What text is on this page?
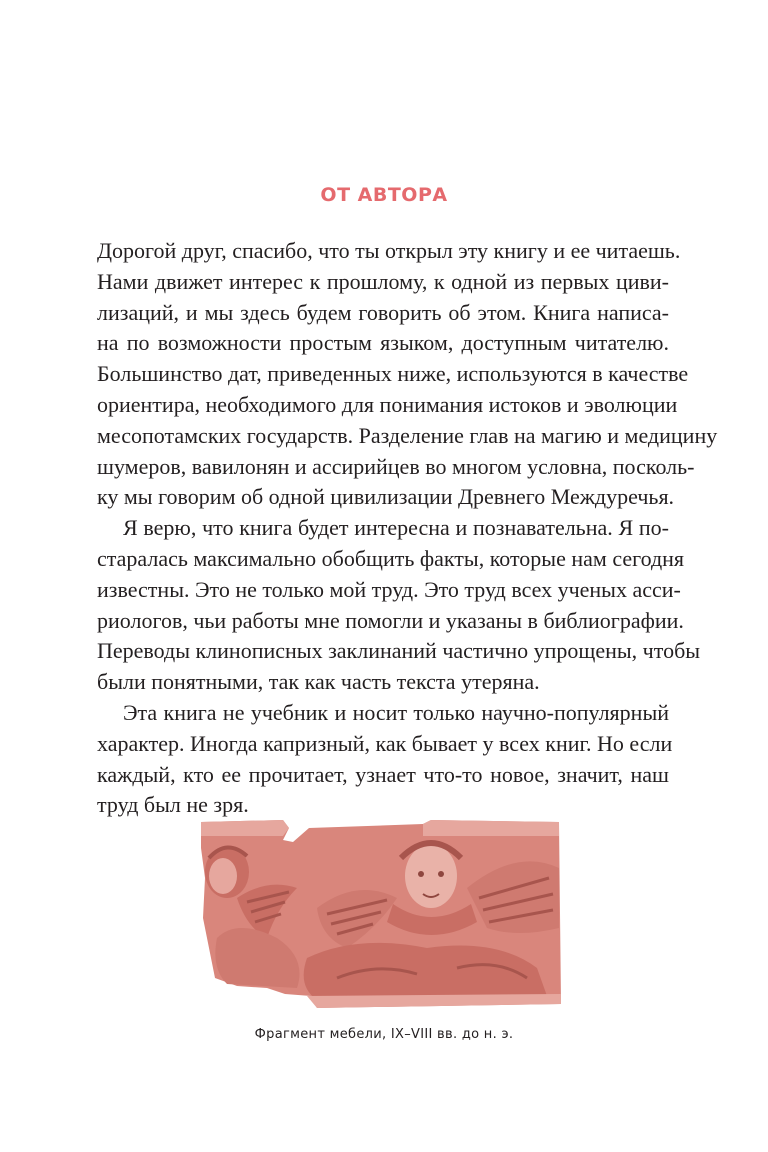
ОТ АВТОРА
Дорогой друг, спасибо, что ты открыл эту книгу и ее читаешь.
Нами движет интерес к прошлому, к одной из первых циви-
лизаций, и мы здесь будем говорить об этом. Книга написа-
на по возможности простым языком, доступным читателю.
Большинство дат, приведенных ниже, используются в качестве
ориентира, необходимого для понимания истоков и эволюции
месопотамских государств. Разделение глав на магию и медицину
шумеров, вавилонян и ассирийцев во многом условна, посколь-
ку мы говорим об одной цивилизации Древнего Междуречья.
Я верю, что книга будет интересна и познавательна. Я по-
старалась максимально обобщить факты, которые нам сегодня
известны. Это не только мой труд. Это труд всех ученых асси-
риологов, чьи работы мне помогли и указаны в библиографии.
Переводы клинописных заклинаний частично упрощены, чтобы
были понятными, так как часть текста утеряна.
Эта книга не учебник и носит только научно-популярный
характер. Иногда капризный, как бывает у всех книг. Но если
каждый, кто ее прочитает, узнает что-то новое, значит, наш
труд был не зря.
Фрагмент мебели, IX–VIII вв. до н. э.
